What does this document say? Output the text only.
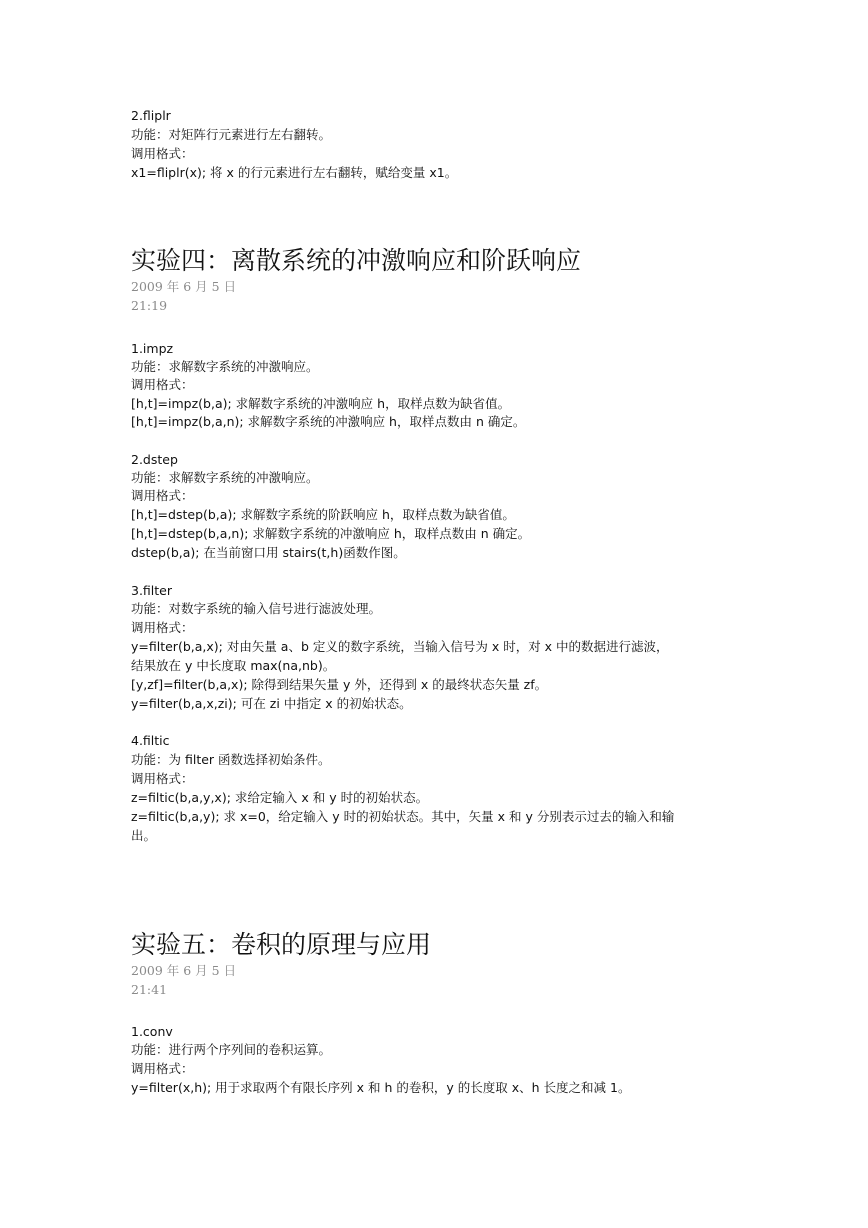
2.fliplr
功能：对矩阵行元素进行左右翻转。
调用格式：
x1=fliplr(x); 将 x 的行元素进行左右翻转，赋给变量 x1。
实验四：离散系统的冲激响应和阶跃响应
2009 年 6 月 5 日
21:19
1.impz
功能：求解数字系统的冲激响应。
调用格式：
[h,t]=impz(b,a); 求解数字系统的冲激响应 h，取样点数为缺省值。
[h,t]=impz(b,a,n); 求解数字系统的冲激响应 h，取样点数由 n 确定。
2.dstep
功能：求解数字系统的冲激响应。
调用格式：
[h,t]=dstep(b,a); 求解数字系统的阶跃响应 h，取样点数为缺省值。
[h,t]=dstep(b,a,n); 求解数字系统的冲激响应 h，取样点数由 n 确定。
dstep(b,a); 在当前窗口用 stairs(t,h)函数作图。
3.filter
功能：对数字系统的输入信号进行滤波处理。
调用格式：
y=filter(b,a,x); 对由矢量 a、b 定义的数字系统，当输入信号为 x 时，对 x 中的数据进行滤波，
结果放在 y 中长度取 max(na,nb)。
[y,zf]=filter(b,a,x); 除得到结果矢量 y 外，还得到 x 的最终状态矢量 zf。
y=filter(b,a,x,zi); 可在 zi 中指定 x 的初始状态。
4.filtic
功能：为 filter 函数选择初始条件。
调用格式：
z=filtic(b,a,y,x); 求给定输入 x 和 y 时的初始状态。
z=filtic(b,a,y); 求 x=0，给定输入 y 时的初始状态。其中，矢量 x 和 y 分别表示过去的输入和输
出。
实验五：卷积的原理与应用
2009 年 6 月 5 日
21:41
1.conv
功能：进行两个序列间的卷积运算。
调用格式：
y=filter(x,h); 用于求取两个有限长序列 x 和 h 的卷积，y 的长度取 x、h 长度之和减 1。
